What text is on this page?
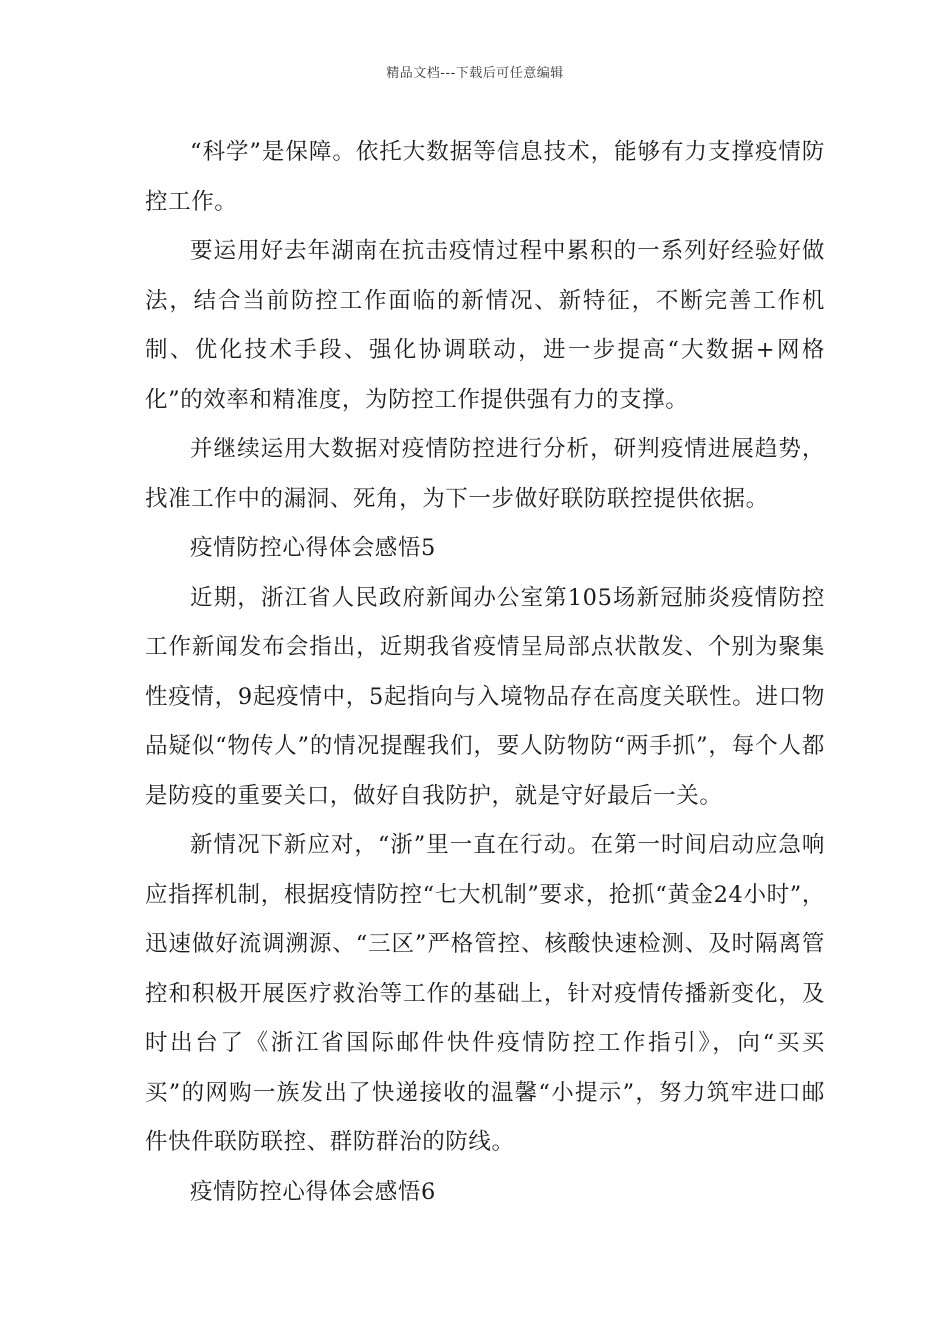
精品文档---下载后可任意编辑

“科学”是保障。依托大数据等信息技术，能够有力支撑疫情防控工作。

要运用好去年湖南在抗击疫情过程中累积的一系列好经验好做法，结合当前防控工作面临的新情况、新特征，不断完善工作机制、优化技术手段、强化协调联动，进一步提高“大数据+网格化”的效率和精准度，为防控工作提供强有力的支撑。

并继续运用大数据对疫情防控进行分析，研判疫情进展趋势，找准工作中的漏洞、死角，为下一步做好联防联控提供依据。

疫情防控心得体会感悟5

近期，浙江省人民政府新闻办公室第105场新冠肺炎疫情防控工作新闻发布会指出，近期我省疫情呈局部点状散发、个别为聚集性疫情，9起疫情中，5起指向与入境物品存在高度关联性。进口物品疑似“物传人”的情况提醒我们，要人防物防“两手抓”，每个人都是防疫的重要关口，做好自我防护，就是守好最后一关。

新情况下新应对，“浙”里一直在行动。在第一时间启动应急响应指挥机制，根据疫情防控“七大机制”要求，抢抓“黄金24小时”，迅速做好流调溯源、“三区”严格管控、核酸快速检测、及时隔离管控和积极开展医疗救治等工作的基础上，针对疫情传播新变化，及时出台了《浙江省国际邮件快件疫情防控工作指引》，向“买买买”的网购一族发出了快递接收的温馨“小提示”，努力筑牢进口邮件快件联防联控、群防群治的防线。

疫情防控心得体会感悟6
